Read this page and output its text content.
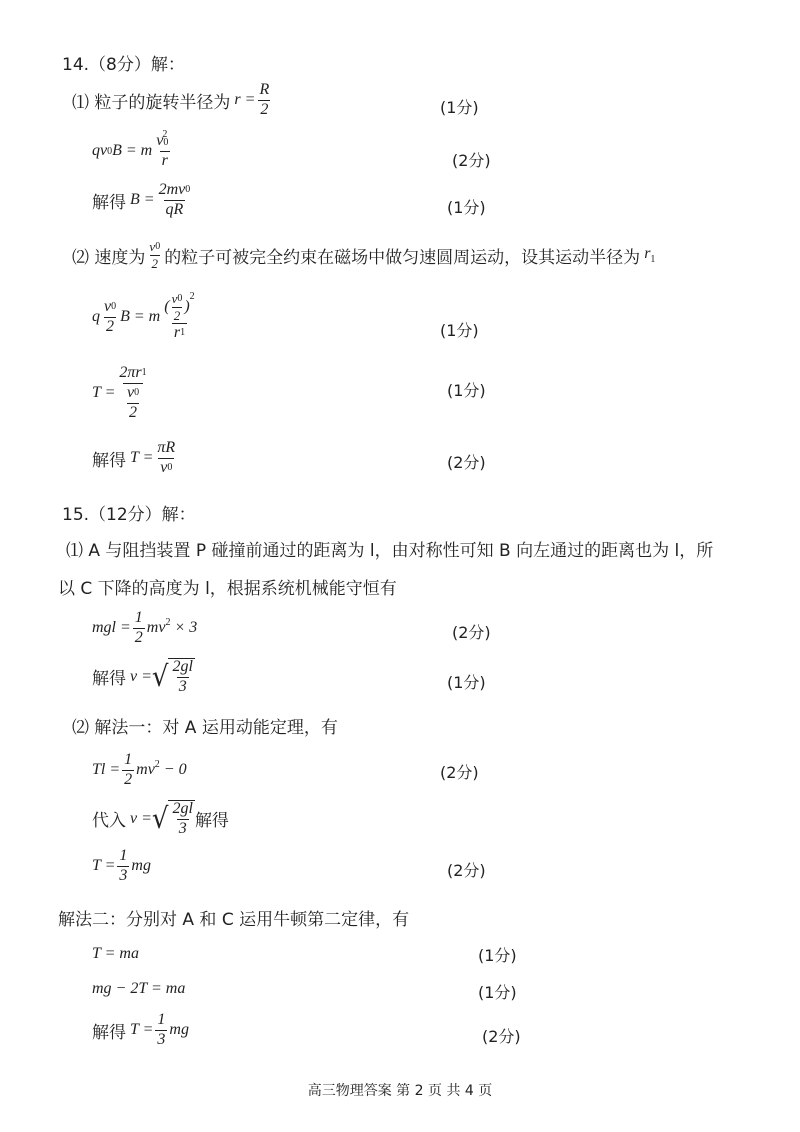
14.（8分）解：
⑴ 粒子的旋转半径为 $r = \frac{R}{2}$	(1分)
qv 0 B = m
$v_0$
$^2$
r	(2分)
解得 $B = \frac{2mv 0}{qR}$	(1分)
⑵ 速度为
v 0
2 的粒子可被完全约束在磁场中做匀速圆周运动，设其运动半径为 $r_1$
q
v 0
2
B = m
( v 0
2
)
$^2$
r 1	(1分)
T =
2πr 1
v 0
2
(1分)
解得 $T = \frac{\pi R}{v 0}$	(2分)
15.（12分）解：
⑴ A 与阻挡装置 P 碰撞前通过的距离为 l，由对称性可知 B 向左通过的距离也为 l，所
以 C 下降的高度为 l，根据系统机械能守恒有
mgl =
1
2
$mv^2 \times 3$	(2分)
解得 v = √ 2gl
3	(1分)
⑵ 解法一：对 A 运用动能定理，有
Tl =
1
2
$mv^2 - 0$	(2分)
代入 v = √ 2gl
3 解得
T =
1
3
mg	(2分)
解法二：分别对 A 和 C 运用牛顿第二定律，有
T = ma	(1分)
mg − 2T = ma	(1分)
解得 $T = \frac{1}{3}$ mg	(2分)
高三物理答案 第 2 页 共 4 页
